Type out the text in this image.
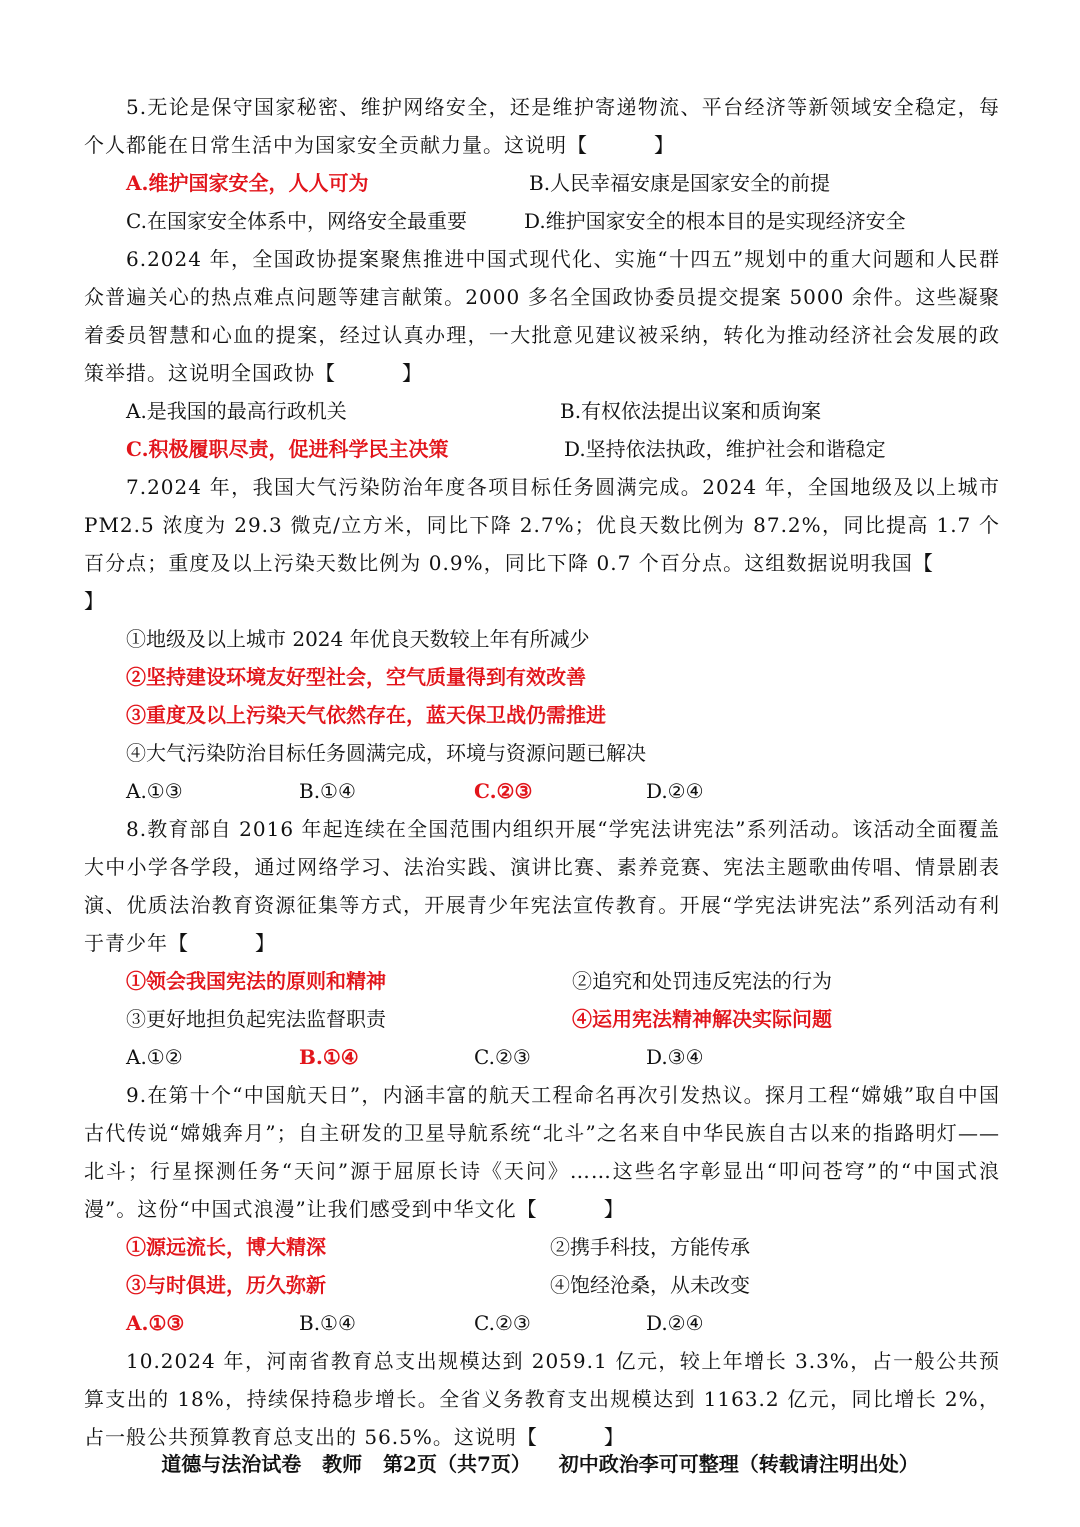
5.无论是保守国家秘密、维护网络安全，还是维护寄递物流、平台经济等新领域安全稳定，每个人都能在日常生活中为国家安全贡献力量。这说明【	】

A.维护国家安全，人人可为	B.人民幸福安康是国家安全的前提
C.在国家安全体系中，网络安全最重要	D.维护国家安全的根本目的是实现经济安全

6.2024 年，全国政协提案聚焦推进中国式现代化、实施“十四五”规划中的重大问题和人民群众普遍关心的热点难点问题等建言献策。2000 多名全国政协委员提交提案 5000 余件。这些凝聚着委员智慧和心血的提案，经过认真办理，一大批意见建议被采纳，转化为推动经济社会发展的政策举措。这说明全国政协【	】

A.是我国的最高行政机关	B.有权依法提出议案和质询案
C.积极履职尽责，促进科学民主决策	D.坚持依法执政，维护社会和谐稳定

7.2024 年，我国大气污染防治年度各项目标任务圆满完成。2024 年，全国地级及以上城市PM2.5 浓度为 29.3 微克/立方米，同比下降 2.7%；优良天数比例为 87.2%，同比提高 1.7 个百分点；重度及以上污染天数比例为 0.9%，同比下降 0.7 个百分点。这组数据说明我国【】

①地级及以上城市 2024 年优良天数较上年有所减少
②坚持建设环境友好型社会，空气质量得到有效改善
③重度及以上污染天气依然存在，蓝天保卫战仍需推进
④大气污染防治目标任务圆满完成，环境与资源问题已解决
A.①③	B.①④	C.②③	D.②④

8.教育部自 2016 年起连续在全国范围内组织开展“学宪法讲宪法”系列活动。该活动全面覆盖大中小学各学段，通过网络学习、法治实践、演讲比赛、素养竞赛、宪法主题歌曲传唱、情景剧表演、优质法治教育资源征集等方式，开展青少年宪法宣传教育。开展“学宪法讲宪法”系列活动有利于青少年【	】

①领会我国宪法的原则和精神	②追究和处罚违反宪法的行为
③更好地担负起宪法监督职责	④运用宪法精神解决实际问题
A.①②	B.①④	C.②③	D.③④

9.在第十个“中国航天日”，内涵丰富的航天工程命名再次引发热议。探月工程“嫦娥”取自中国古代传说“嫦娥奔月”；自主研发的卫星导航系统“北斗”之名来自中华民族自古以来的指路明灯——北斗；行星探测任务“天问”源于屈原长诗《天问》……这些名字彰显出“叩问苍穹”的“中国式浪漫”。这份“中国式浪漫”让我们感受到中华文化【	】

①源远流长，博大精深	②携手科技，方能传承
③与时俱进，历久弥新	④饱经沧桑，从未改变
A.①③	B.①④	C.②③	D.②④

10.2024 年，河南省教育总支出规模达到 2059.1 亿元，较上年增长 3.3%，占一般公共预算支出的 18%，持续保持稳步增长。全省义务教育支出规模达到 1163.2 亿元，同比增长 2%，占一般公共预算教育总支出的 56.5%。这说明【	】

道德与法治试卷   教师   第2页（共7页）    初中政治李可可整理（转载请注明出处）
